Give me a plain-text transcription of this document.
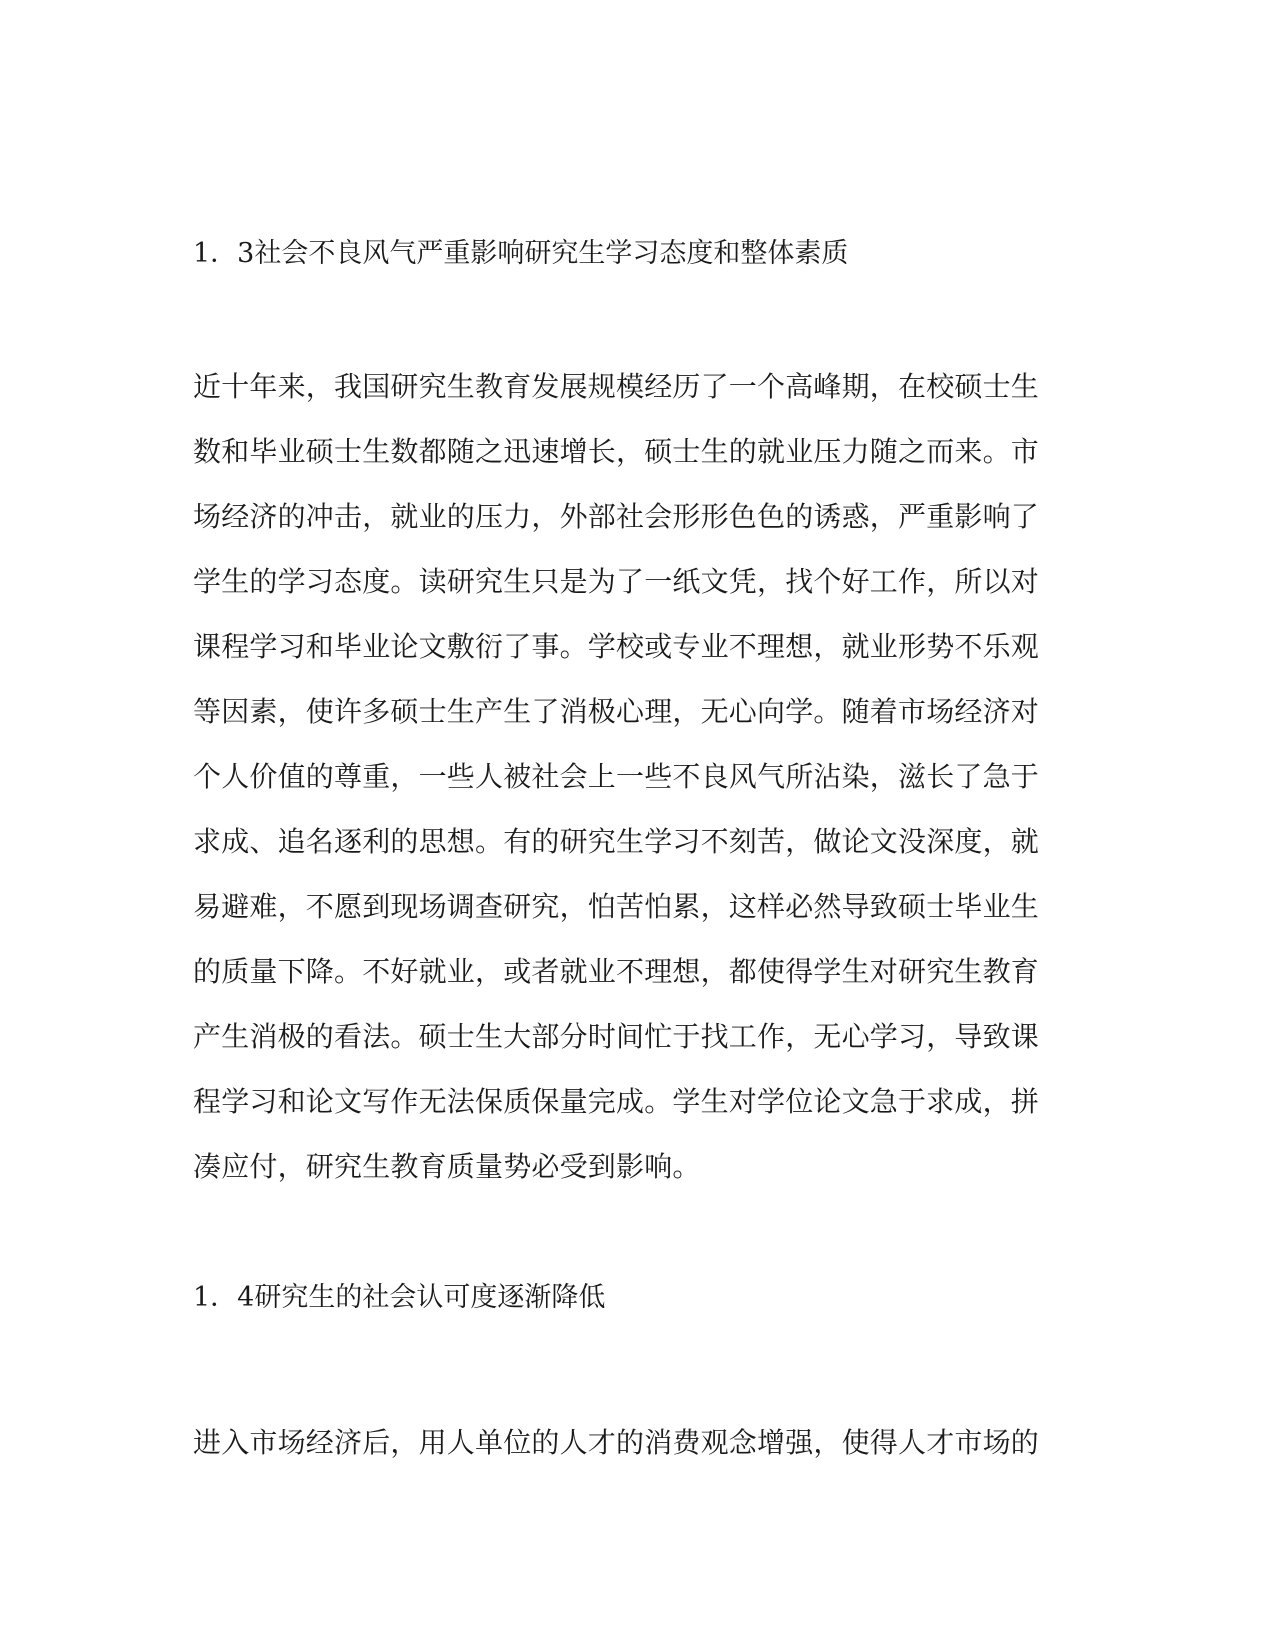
1．3社会不良风气严重影响研究生学习态度和整体素质
近十年来，我国研究生教育发展规模经历了一个高峰期，在校硕士生
数和毕业硕士生数都随之迅速增长，硕士生的就业压力随之而来。市
场经济的冲击，就业的压力，外部社会形形色色的诱惑，严重影响了
学生的学习态度。读研究生只是为了一纸文凭，找个好工作，所以对
课程学习和毕业论文敷衍了事。学校或专业不理想，就业形势不乐观
等因素，使许多硕士生产生了消极心理，无心向学。随着市场经济对
个人价值的尊重，一些人被社会上一些不良风气所沾染，滋长了急于
求成、追名逐利的思想。有的研究生学习不刻苦，做论文没深度，就
易避难，不愿到现场调查研究，怕苦怕累，这样必然导致硕士毕业生
的质量下降。不好就业，或者就业不理想，都使得学生对研究生教育
产生消极的看法。硕士生大部分时间忙于找工作，无心学习，导致课
程学习和论文写作无法保质保量完成。学生对学位论文急于求成，拼
凑应付，研究生教育质量势必受到影响。
1．4研究生的社会认可度逐渐降低
进入市场经济后，用人单位的人才的消费观念增强，使得人才市场的
